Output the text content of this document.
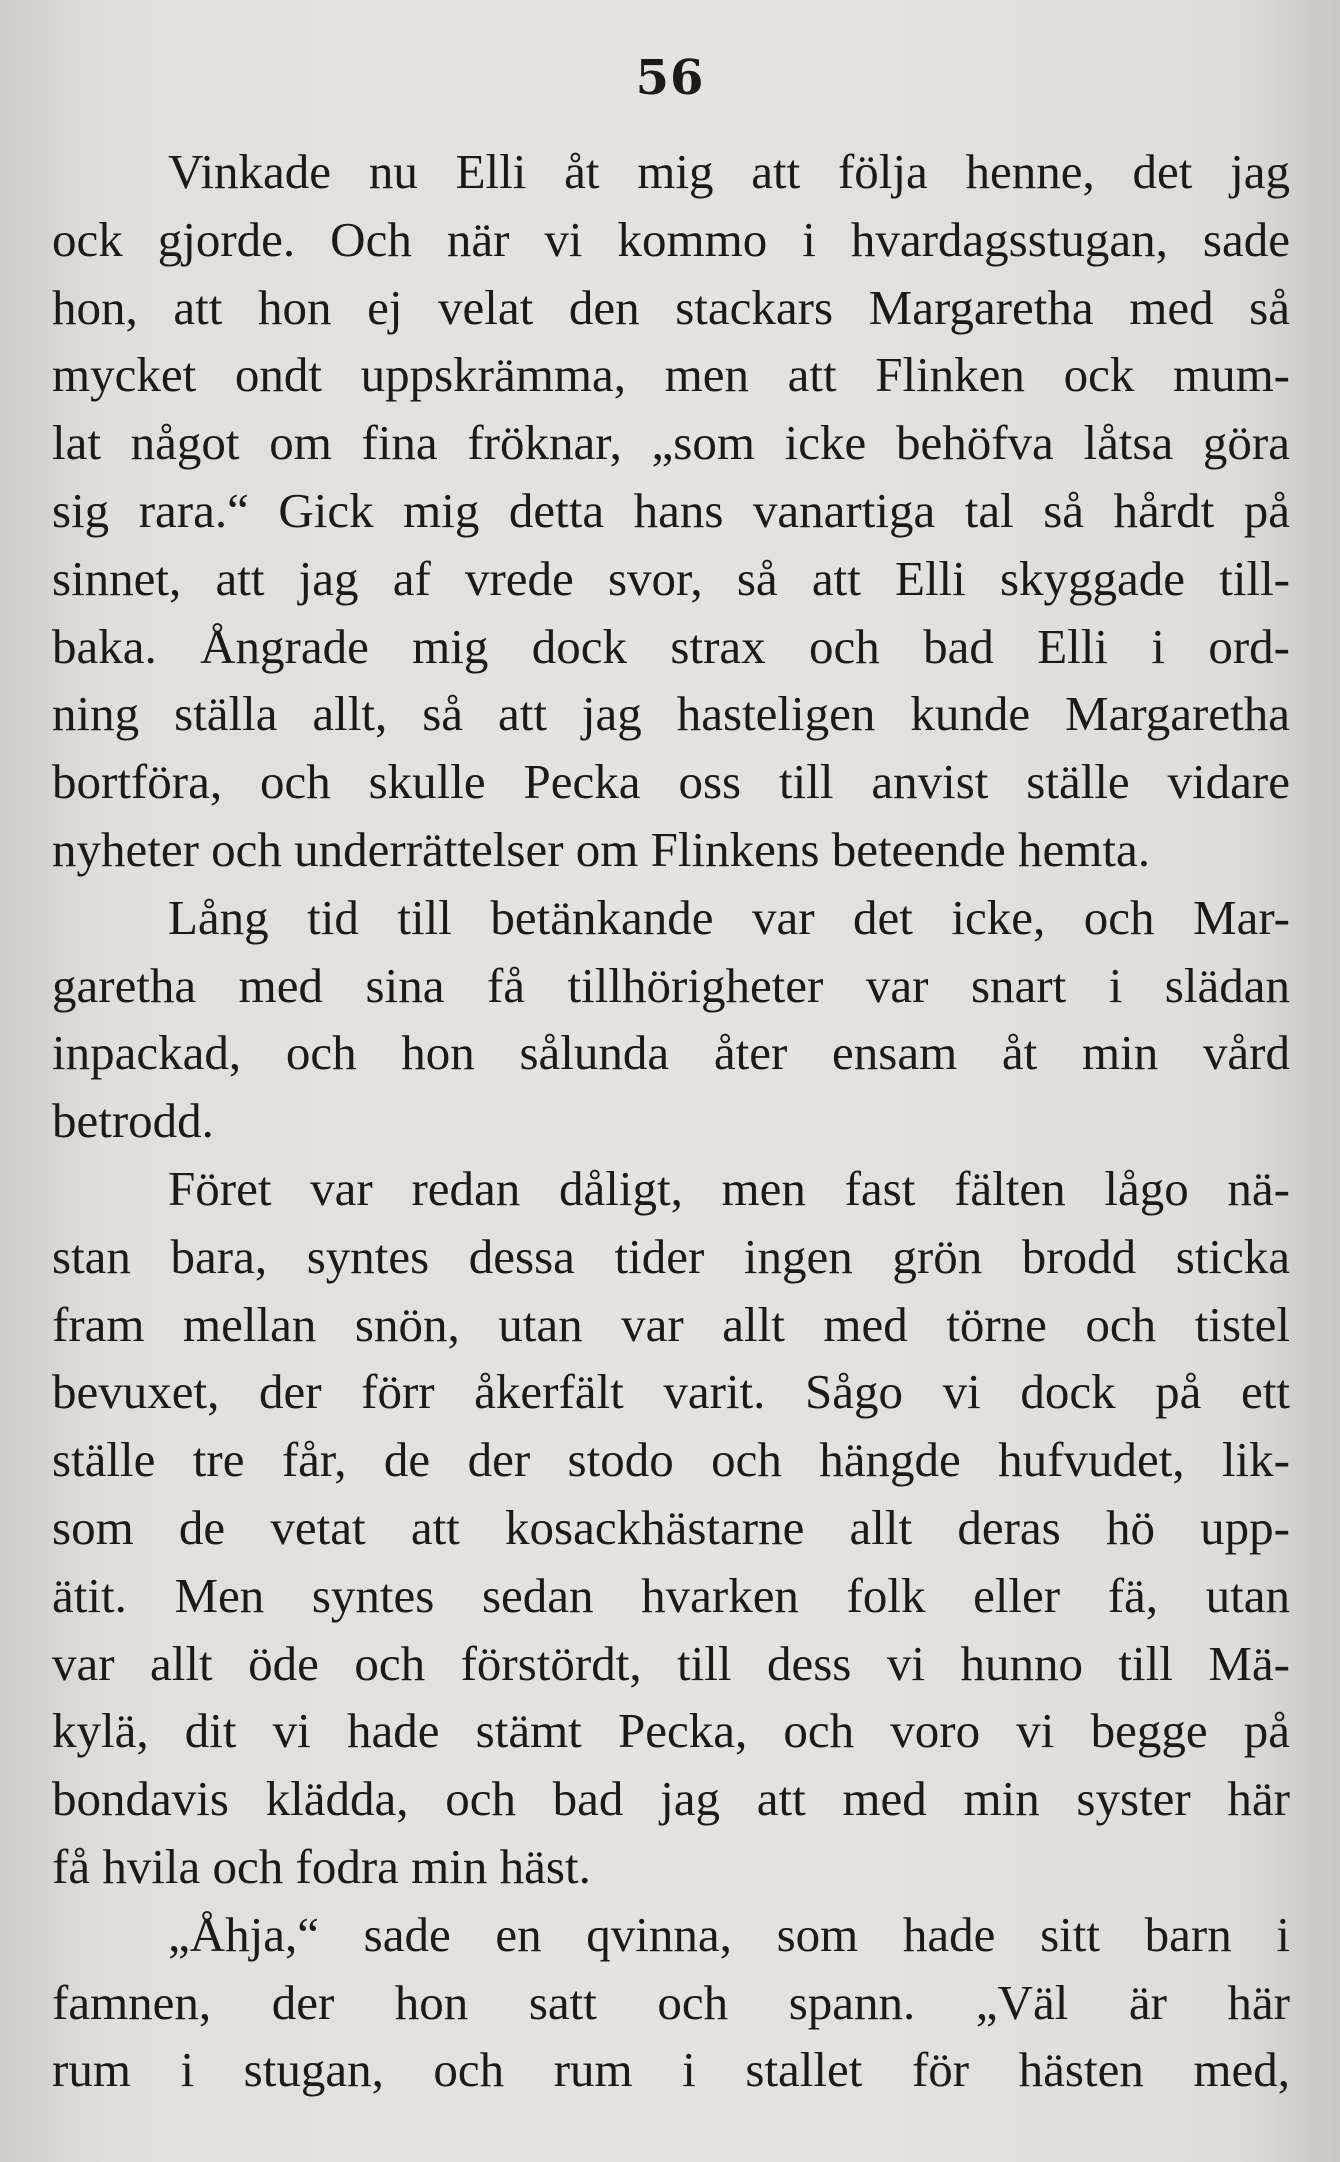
56
Vinkade nu Elli åt mig att följa henne, det jag
ock gjorde. Och när vi kommo i hvardagsstugan, sade
hon, att hon ej velat den stackars Margaretha med så
mycket ondt uppskrämma, men att Flinken ock mum-
lat något om fina fröknar, „som icke behöfva låtsa göra
sig rara.“ Gick mig detta hans vanartiga tal så hårdt på
sinnet, att jag af vrede svor, så att Elli skyggade till-
baka. Ångrade mig dock strax och bad Elli i ord-
ning ställa allt, så att jag hasteligen kunde Margaretha
bortföra, och skulle Pecka oss till anvist ställe vidare
nyheter och underrättelser om Flinkens beteende hemta.
Lång tid till betänkande var det icke, och Mar-
garetha med sina få tillhörigheter var snart i slädan
inpackad, och hon sålunda åter ensam åt min vård
betrodd.
Föret var redan dåligt, men fast fälten lågo nä-
stan bara, syntes dessa tider ingen grön brodd sticka
fram mellan snön, utan var allt med törne och tistel
bevuxet, der förr åkerfält varit. Sågo vi dock på ett
ställe tre får, de der stodo och hängde hufvudet, lik-
som de vetat att kosackhästarne allt deras hö upp-
ätit. Men syntes sedan hvarken folk eller fä, utan
var allt öde och förstördt, till dess vi hunno till Mä-
kylä, dit vi hade stämt Pecka, och voro vi begge på
bondavis klädda, och bad jag att med min syster här
få hvila och fodra min häst.
„Åhja,“ sade en qvinna, som hade sitt barn i
famnen, der hon satt och spann. „Väl är här
rum i stugan, och rum i stallet för hästen med,
